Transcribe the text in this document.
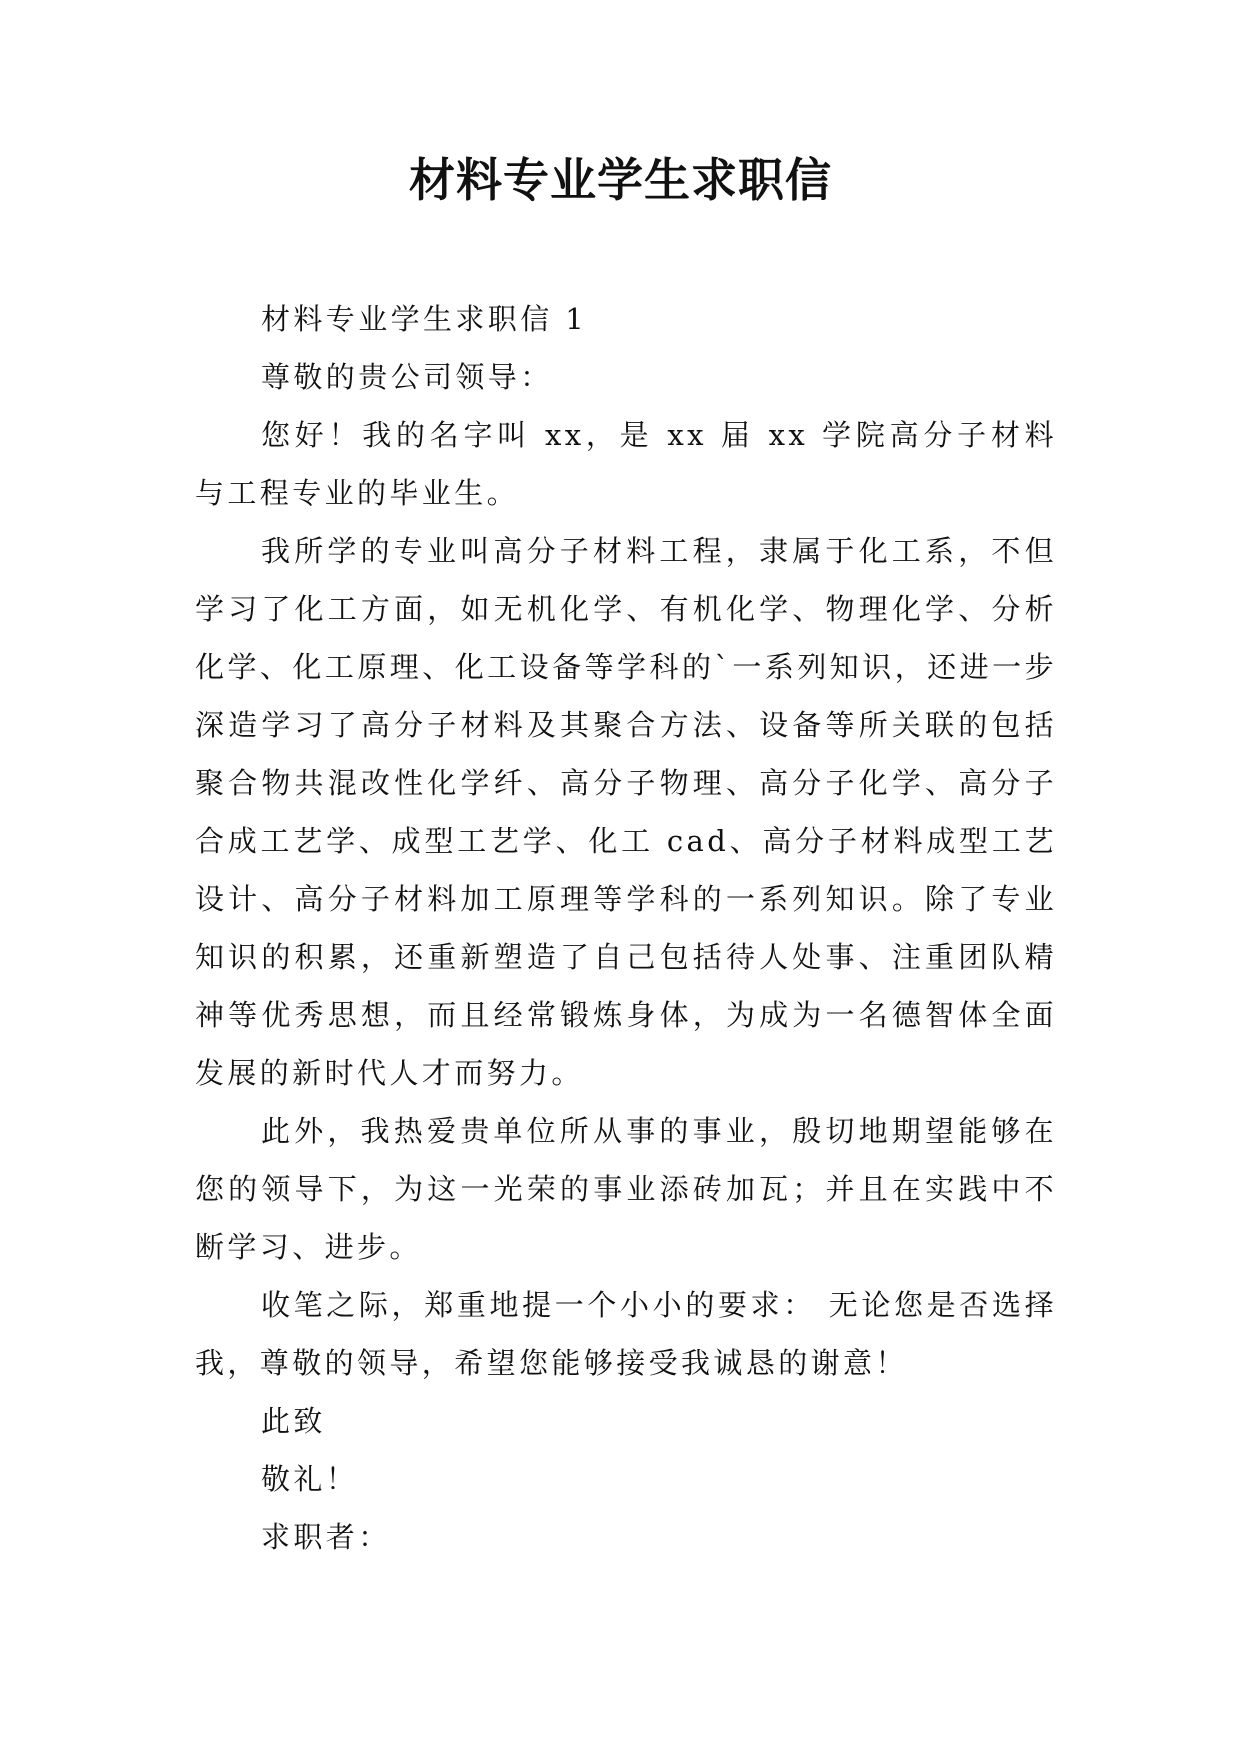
材料专业学生求职信

材料专业学生求职信 1

尊敬的贵公司领导：

您好！我的名字叫 xx，是 xx 届 xx 学院高分子材料与工程专业的毕业生。

我所学的专业叫高分子材料工程，隶属于化工系，不但学习了化工方面，如无机化学、有机化学、物理化学、分析化学、化工原理、化工设备等学科的`一系列知识，还进一步深造学习了高分子材料及其聚合方法、设备等所关联的包括聚合物共混改性化学纤、高分子物理、高分子化学、高分子合成工艺学、成型工艺学、化工 cad、高分子材料成型工艺设计、高分子材料加工原理等学科的一系列知识。除了专业知识的积累，还重新塑造了自己包括待人处事、注重团队精神等优秀思想，而且经常锻炼身体，为成为一名德智体全面发展的新时代人才而努力。

此外，我热爱贵单位所从事的事业，殷切地期望能够在您的领导下，为这一光荣的事业添砖加瓦；并且在实践中不断学习、进步。

收笔之际，郑重地提一个小小的要求： 无论您是否选择我，尊敬的领导，希望您能够接受我诚恳的谢意！

此致

敬礼！

求职者：
